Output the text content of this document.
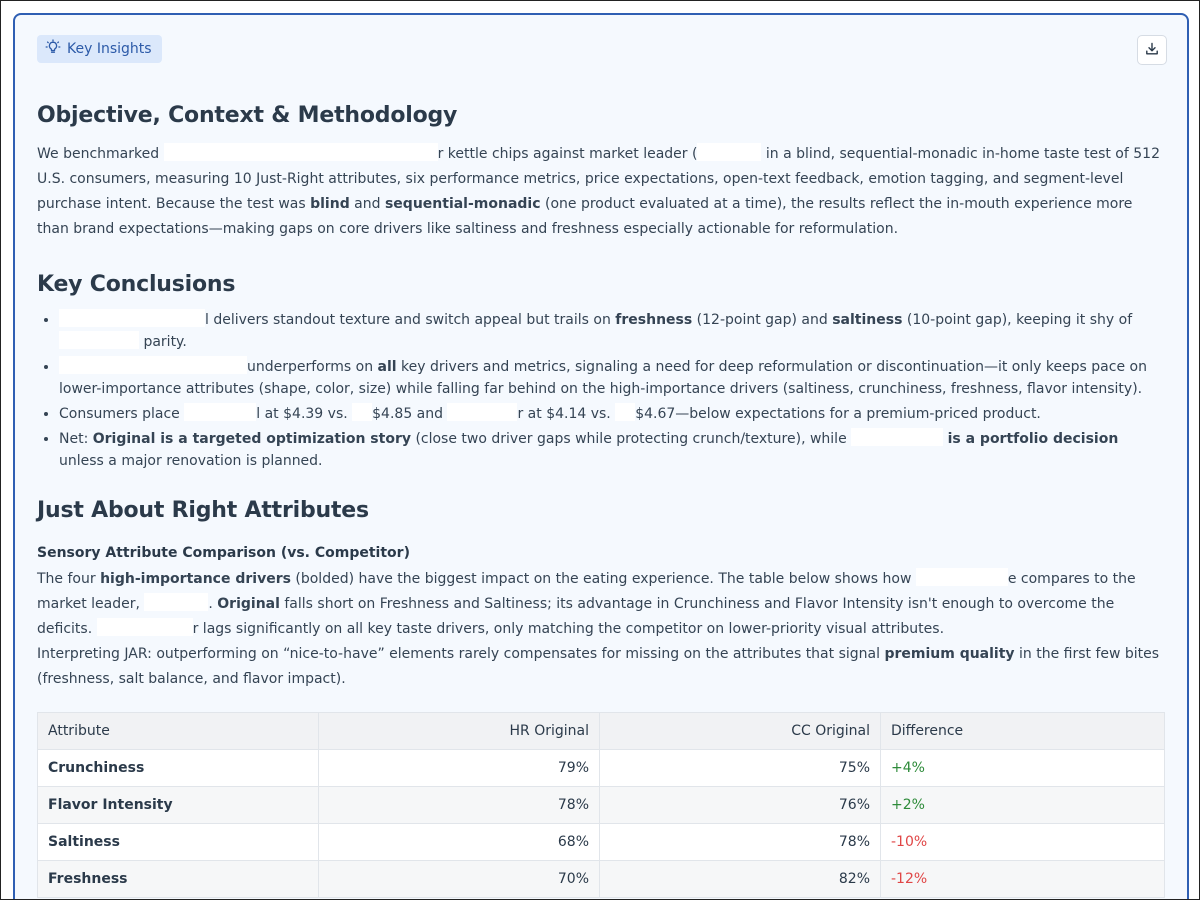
Key Insights
Objective, Context & Methodology

We benchmarked	r kettle chips against market leader (	in a blind, sequential-monadic in-home taste test of 512 U.S. consumers, measuring 10 Just-Right attributes, six performance metrics, price expectations, open-text feedback, emotion tagging, and segment-level purchase intent. Because the test was blind and sequential-monadic (one product evaluated at a time), the results reflect the in-mouth experience more than brand expectations—making gaps on core drivers like saltiness and freshness especially actionable for reformulation.

Key Conclusions
• l delivers standout texture and switch appeal but trails on freshness (12-point gap) and saltiness (10-point gap), keeping it shy of  parity.
• underperforms on all key drivers and metrics, signaling a need for deep reformulation or discontinuation—it only keeps pace on lower-importance attributes (shape, color, size) while falling far behind on the high-importance drivers (saltiness, crunchiness, freshness, flavor intensity).
• Consumers place	l at $4.39 vs. $4.85 and	r at $4.14 vs. $4.67—below expectations for a premium-priced product.
• Net: Original is a targeted optimization story (close two driver gaps while protecting crunch/texture), while	is a portfolio decision unless a major renovation is planned.
Just About Right Attributes
Sensory Attribute Comparison (vs. Competitor)

The four high-importance drivers (bolded) have the biggest impact on the eating experience. The table below shows how	e compares to the market leader,	. Original falls short on Freshness and Saltiness; its advantage in Crunchiness and Flavor Intensity isn't enough to overcome the deficits.	r lags significantly on all key taste drivers, only matching the competitor on lower-priority visual attributes.

Interpreting JAR: outperforming on “nice-to-have” elements rarely compensates for missing on the attributes that signal premium quality in the first few bites (freshness, salt balance, and flavor impact).

Attribute	HR Original	CC Original	Difference
Crunchiness	79%	75%	+4%
Flavor Intensity	78%	76%	+2%
Saltiness	68%	78%	-10%
Freshness	70%	82%	-12%
